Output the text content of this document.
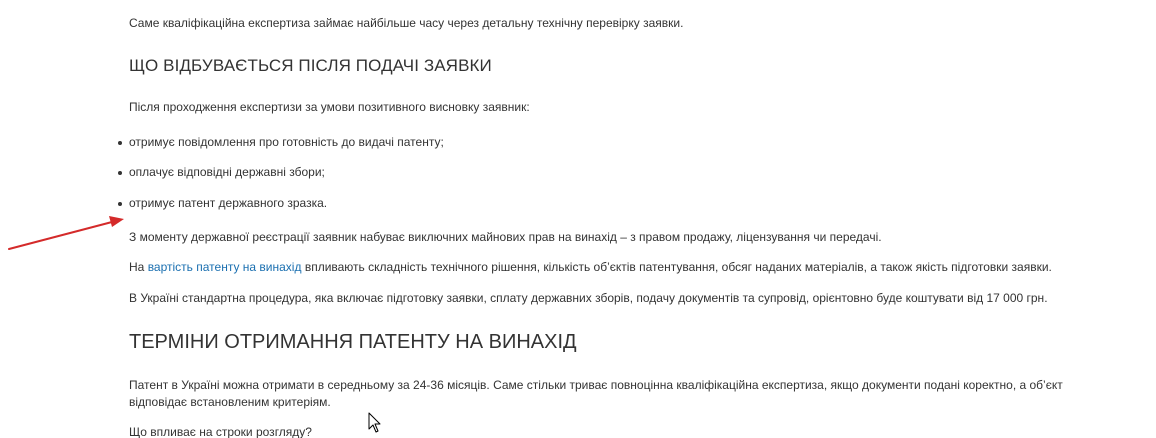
Саме кваліфікаційна експертиза займає найбільше часу через детальну технічну перевірку заявки.

ЩО ВІДБУВАЄТЬСЯ ПІСЛЯ ПОДАЧІ ЗАЯВКИ

Після проходження експертизи за умови позитивного висновку заявник:

отримує повідомлення про готовність до видачі патенту;
оплачує відповідні державні збори;
отримує патент державного зразка.

З моменту державної реєстрації заявник набуває виключних майнових прав на винахід – з правом продажу, ліцензування чи передачі.

На вартість патенту на винахід впливають складність технічного рішення, кількість об’єктів патентування, обсяг наданих матеріалів, а також якість підготовки заявки.

В Україні стандартна процедура, яка включає підготовку заявки, сплату державних зборів, подачу документів та супровід, орієнтовно буде коштувати від 17 000 грн.

ТЕРМІНИ ОТРИМАННЯ ПАТЕНТУ НА ВИНАХІД

Патент в Україні можна отримати в середньому за 24-36 місяців. Саме стільки триває повноцінна кваліфікаційна експертиза, якщо документи подані коректно, а об’єкт відповідає встановленим критеріям.

Що впливає на строки розгляду?
